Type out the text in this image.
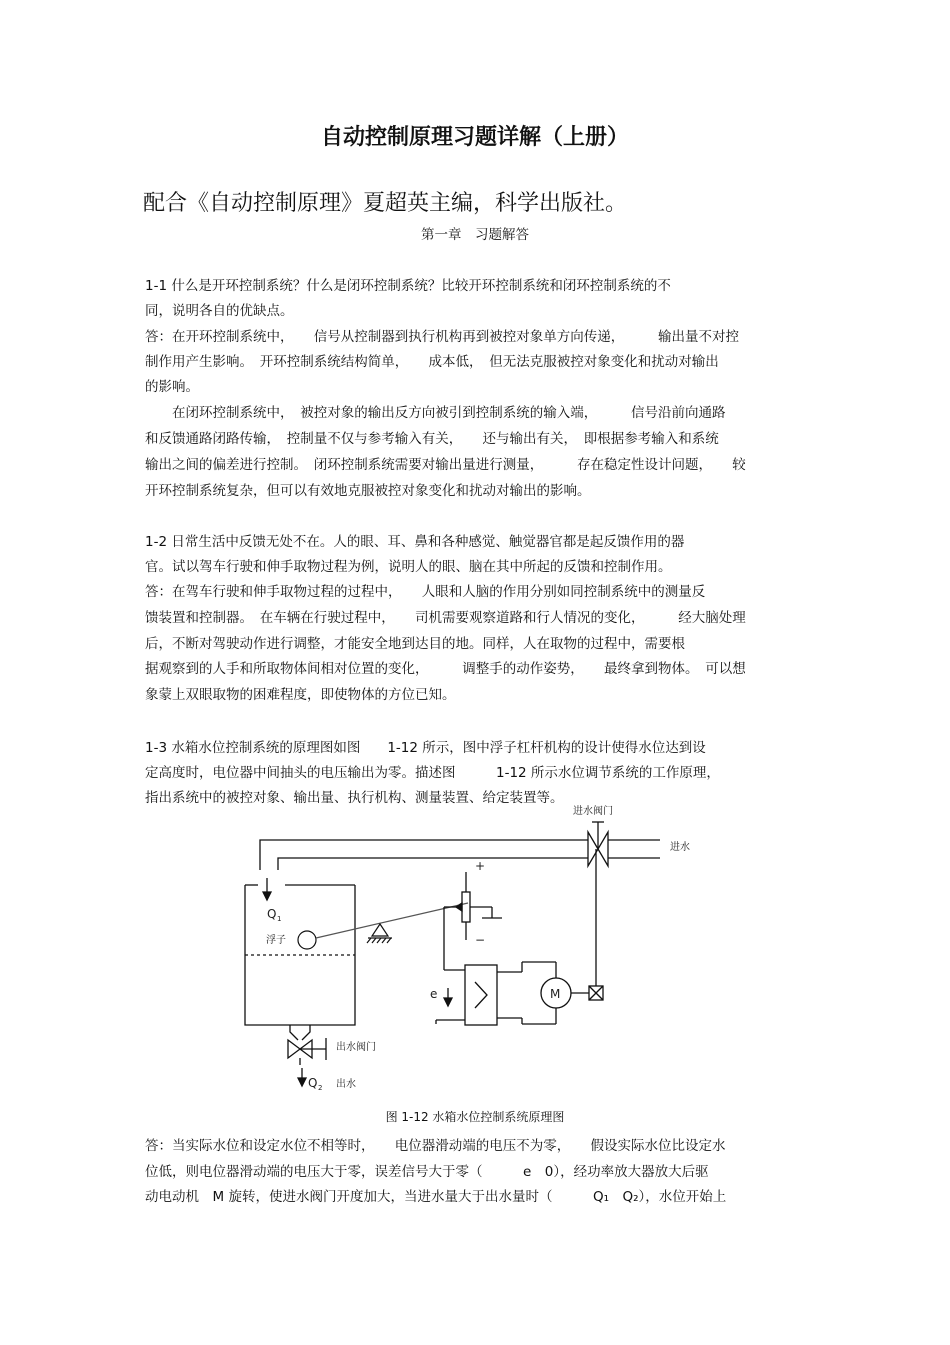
自动控制原理习题详解（上册）

配合《自动控制原理》夏超英主编，科学出版社。

第一章　习题解答

1-1 什么是开环控制系统？什么是闭环控制系统？比较开环控制系统和闭环控制系统的不

同，说明各自的优缺点。

答：在开环控制系统中，　　信号从控制器到执行机构再到被控对象单方向传递，　　　输出量不对控

制作用产生影响。　开环控制系统结构简单，　　成本低，　但无法克服被控对象变化和扰动对输出

的影响。

　　在闭环控制系统中，　被控对象的输出反方向被引到控制系统的输入端，　　　信号沿前向通路

和反馈通路闭路传输，　控制量不仅与参考输入有关，　　还与输出有关，　即根据参考输入和系统

输出之间的偏差进行控制。　闭环控制系统需要对输出量进行测量，　　　存在稳定性设计问题，　　较

开环控制系统复杂，但可以有效地克服被控对象变化和扰动对输出的影响。

1-2 日常生活中反馈无处不在。人的眼、耳、鼻和各种感觉、触觉器官都是起反馈作用的器

官。试以驾车行驶和伸手取物过程为例，说明人的眼、脑在其中所起的反馈和控制作用。

答：在驾车行驶和伸手取物过程的过程中，　　人眼和人脑的作用分别如同控制系统中的测量反

馈装置和控制器。　在车辆在行驶过程中，　　司机需要观察道路和行人情况的变化，　　　经大脑处理

后，不断对驾驶动作进行调整，才能安全地到达目的地。同样，人在取物的过程中，需要根

据观察到的人手和所取物体间相对位置的变化，　　　调整手的动作姿势，　　最终拿到物体。　可以想

象蒙上双眼取物的困难程度，即使物体的方位已知。

1-3 水箱水位控制系统的原理图如图　　1-12 所示，图中浮子杠杆机构的设计使得水位达到设

定高度时，电位器中间抽头的电压输出为零。描述图　　　1-12 所示水位调节系统的工作原理，

指出系统中的被控对象、输出量、执行机构、测量装置、给定装置等。

答：当实际水位和设定水位不相等时，　　电位器滑动端的电压不为零，　　假设实际水位比设定水

位低，则电位器滑动端的电压大于零，误差信号大于零（　　　e　0），经功率放大器放大后驱

动电动机　M 旋转，使进水阀门开度加大，当进水量大于出水量时（　　　Q₁　Q₂），水位开始上

进水阀门
进水
Q 1
浮子
+
−
e	M
出水阀门
Q 2 出水

图 1-12 水箱水位控制系统原理图
